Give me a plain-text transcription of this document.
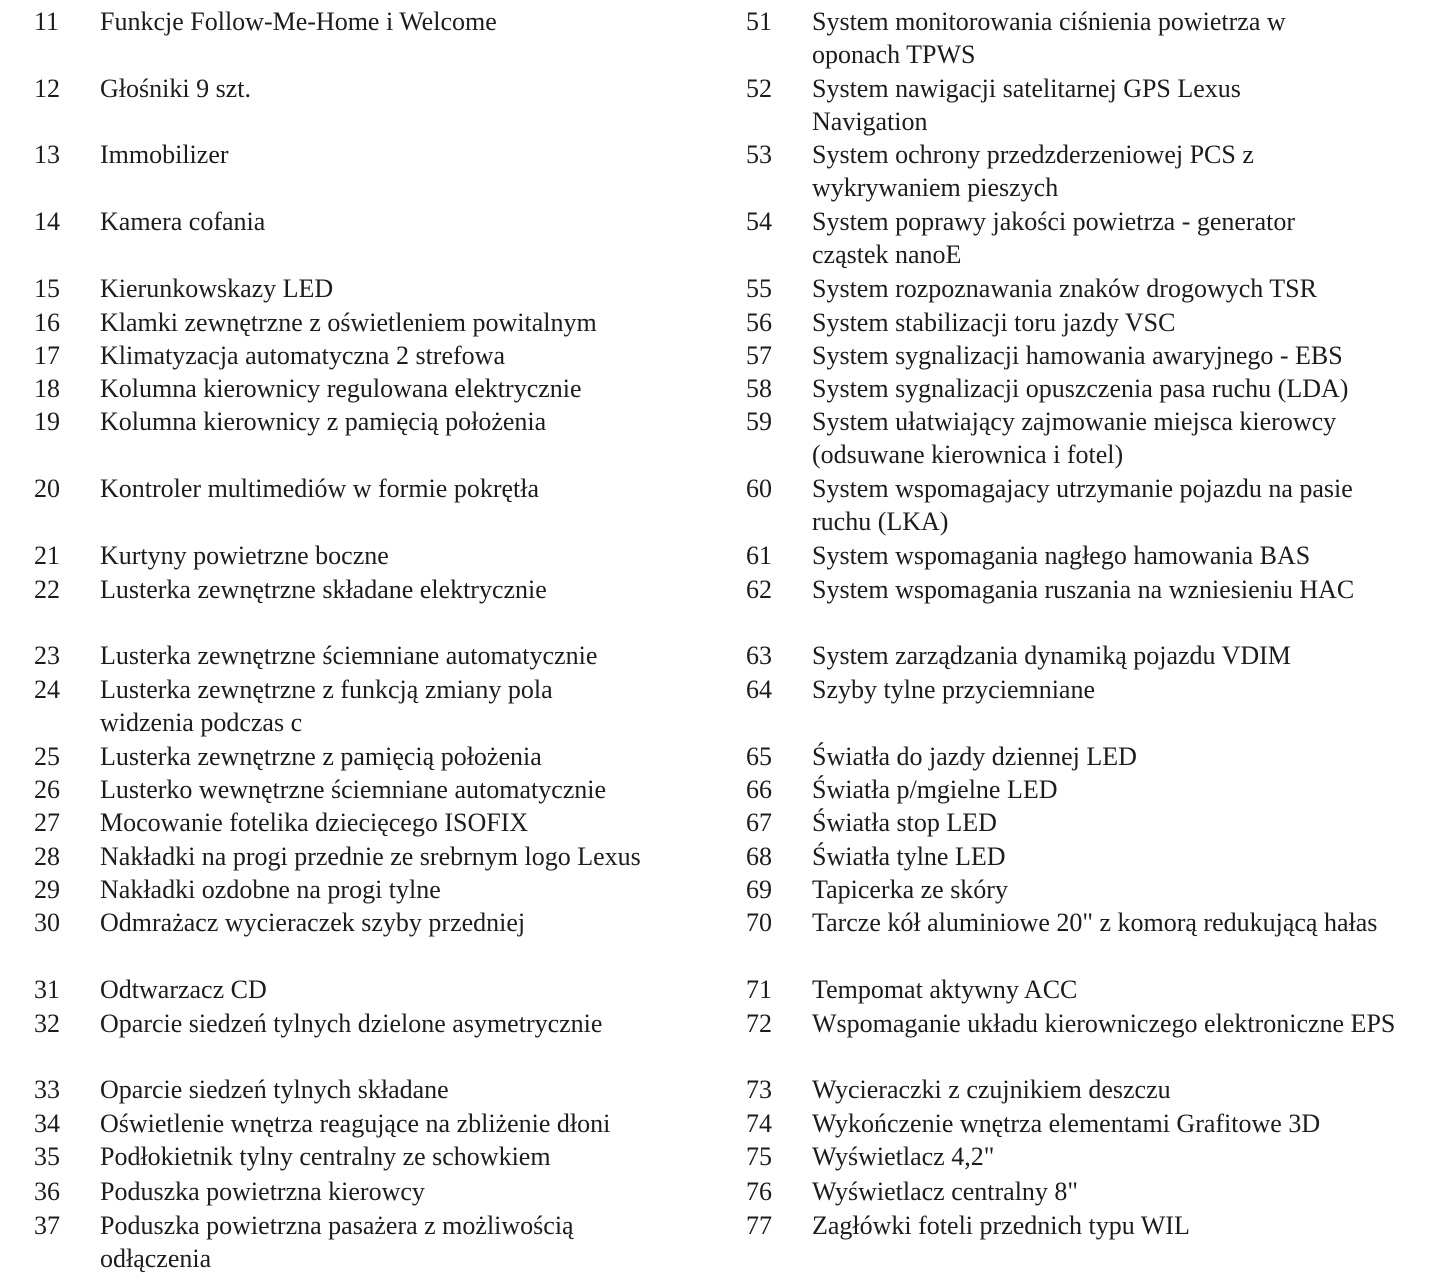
11	Funkcje Follow-Me-Home i Welcome
12	Głośniki 9 szt.
13	Immobilizer
14	Kamera cofania
15	Kierunkowskazy LED
16	Klamki zewnętrzne z oświetleniem powitalnym
17	Klimatyzacja automatyczna 2 strefowa
18	Kolumna kierownicy regulowana elektrycznie
19	Kolumna kierownicy z pamięcią położenia
20	Kontroler multimediów w formie pokrętła
21	Kurtyny powietrzne boczne
22	Lusterka zewnętrzne składane elektrycznie
23	Lusterka zewnętrzne ściemniane automatycznie
24	Lusterka zewnętrzne z funkcją zmiany pola widzenia podczas c
25	Lusterka zewnętrzne z pamięcią położenia
26	Lusterko wewnętrzne ściemniane automatycznie
27	Mocowanie fotelika dziecięcego ISOFIX
28	Nakładki na progi przednie ze srebrnym logo Lexus
29	Nakładki ozdobne na progi tylne
30	Odmrażacz wycieraczek szyby przedniej
31	Odtwarzacz CD
32	Oparcie siedzeń tylnych dzielone asymetrycznie
33	Oparcie siedzeń tylnych składane
34	Oświetlenie wnętrza reagujące na zbliżenie dłoni
35	Podłokietnik tylny centralny ze schowkiem
36	Poduszka powietrzna kierowcy
37	Poduszka powietrzna pasażera z możliwością odłączenia
51	System monitorowania ciśnienia powietrza w oponach TPWS
52	System nawigacji satelitarnej GPS Lexus Navigation
53	System ochrony przedzderzeniowej PCS z wykrywaniem pieszych
54	System poprawy jakości powietrza - generator cząstek nanoE
55	System rozpoznawania znaków drogowych TSR
56	System stabilizacji toru jazdy VSC
57	System sygnalizacji hamowania awaryjnego - EBS
58	System sygnalizacji opuszczenia pasa ruchu (LDA)
59	System ułatwiający zajmowanie miejsca kierowcy (odsuwane kierownica i fotel)
60	System wspomagajacy utrzymanie pojazdu na pasie ruchu (LKA)
61	System wspomagania nagłego hamowania BAS
62	System wspomagania ruszania na wzniesieniu HAC
63	System zarządzania dynamiką pojazdu VDIM
64	Szyby tylne przyciemniane
65	Światła do jazdy dziennej LED
66	Światła p/mgielne LED
67	Światła stop LED
68	Światła tylne LED
69	Tapicerka ze skóry
70	Tarcze kół aluminiowe 20" z komorą redukującą hałas
71	Tempomat aktywny ACC
72	Wspomaganie układu kierowniczego elektroniczne EPS
73	Wycieraczki z czujnikiem deszczu
74	Wykończenie wnętrza elementami Grafitowe 3D
75	Wyświetlacz 4,2"
76	Wyświetlacz centralny 8"
77	Zagłówki foteli przednich typu WIL
